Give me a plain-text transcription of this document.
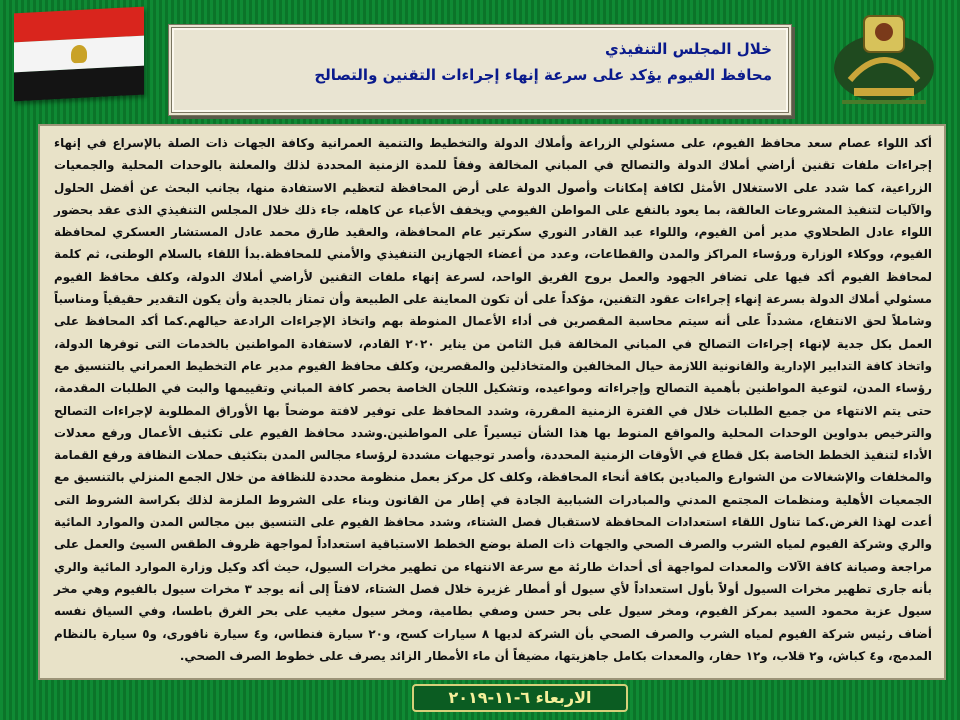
خلال المجلس التنفيذي
محافظ الفيوم يؤكد على سرعة إنهاء إجراءات التقنين والتصالح

أكد اللواء عصام سعد محافظ الفيوم، على مسئولي الزراعة وأملاك الدولة والتخطيط والتنمية العمرانية وكافة الجهات ذات الصلة بالإسراع في إنهاء إجراءات ملفات تقنين أراضي أملاك الدولة والتصالح في المباني المخالفة وفقاً للمدة الزمنية المحددة لذلك والمعلنة بالوحدات المحلية والجمعيات الزراعية، كما شدد على الاستغلال الأمثل لكافة إمكانات وأصول الدولة على أرض المحافظة لتعظيم الاستفادة منها، بجانب البحث عن أفضل الحلول والآليات لتنفيذ المشروعات العالقة، بما يعود بالنفع على المواطن الفيومي ويخفف الأعباء عن كاهله، جاء ذلك خلال المجلس التنفيذي الذى عقد بحضور اللواء عادل الطحلاوي مدير أمن الفيوم، واللواء عبد القادر النوري سكرتير عام المحافظة، والعقيد طارق محمد عادل المستشار العسكري لمحافظة الفيوم، ووكلاء الوزارة ورؤساء المراكز والمدن والقطاعات، وعدد من أعضاء الجهازين التنفيذي والأمني للمحافظة.بدأ اللقاء بالسلام الوطنى، ثم كلمة لمحافظ الفيوم أكد فيها على تضافر الجهود والعمل بروح الفريق الواحد، لسرعة إنهاء ملفات التقنين لأراضي أملاك الدولة، وكلف محافظ الفيوم مسئولي أملاك الدولة بسرعة إنهاء إجراءات عقود التقنين، مؤكداً على أن تكون المعاينة على الطبيعة وأن تمتاز بالجدية وأن يكون التقدير حقيقياً ومناسباً وشاملاً لحق الانتفاع، مشدداً على أنه سيتم محاسبة المقصرين فى أداء الأعمال المنوطة بهم واتخاذ الإجراءات الرادعة حيالهم.كما أكد المحافظ على العمل بكل جدية لإنهاء إجراءات التصالح في المباني المخالفة قبل الثامن من يناير ٢٠٢٠ القادم، لاستفادة المواطنين بالخدمات التى توفرها الدولة، واتخاذ كافة التدابير الإدارية والقانونية اللازمة حيال المخالفين والمتخاذلين والمقصرين، وكلف محافظ الفيوم مدير عام التخطيط العمراني بالتنسيق مع رؤساء المدن، لتوعية المواطنين بأهمية التصالح وإجراءاته ومواعيده، وتشكيل اللجان الخاصة بحصر كافة المباني وتقييمها والبت في الطلبات المقدمة، حتى يتم الانتهاء من جميع الطلبات خلال في الفترة الزمنية المقررة، وشدد المحافظ على توفير لافتة موضحاً بها الأوراق المطلوبة لإجراءات التصالح والترخيص بدواوين الوحدات المحلية والمواقع المنوط بها هذا الشأن تيسيراً على المواطنين.وشدد محافظ الفيوم على تكثيف الأعمال ورفع معدلات الأداء لتنفيذ الخطط الخاصة بكل قطاع في الأوقات الزمنية المحددة، وأصدر توجيهات مشددة لرؤساء مجالس المدن بتكثيف حملات النظافة ورفع القمامة والمخلفات والإشغالات من الشوارع والميادين بكافة أنحاء المحافظة، وكلف كل مركز بعمل منظومة محددة للنظافة من خلال الجمع المنزلي بالتنسيق مع الجمعيات الأهلية ومنظمات المجتمع المدني والمبادرات الشبابية الجادة في إطار من القانون وبناء على الشروط الملزمة لذلك بكراسة الشروط التى أعدت لهذا الغرض.كما تناول اللقاء استعدادات المحافظة لاستقبال فصل الشتاء، وشدد محافظ الفيوم على التنسيق بين مجالس المدن والموارد المائية والري وشركة الفيوم لمياه الشرب والصرف الصحي والجهات ذات الصلة بوضع الخطط الاستباقية استعداداً لمواجهة ظروف الطقس السيئ والعمل على مراجعة وصيانة كافة الآلات والمعدات لمواجهة أى أحداث طارئة مع سرعة الانتهاء من تطهير مخرات السيول، حيث أكد وكيل وزارة الموارد المائية والري بأنه جارى تطهير مخرات السيول أولاً بأول استعداداً لأي سيول أو أمطار غزيرة خلال فصل الشتاء، لافتاً إلى أنه يوجد ٣ مخرات سيول بالفيوم وهي مخر سيول عزبة محمود السيد بمركز الفيوم، ومخر سيول على بحر حسن وصفي بطامية، ومخر سيول مغيب على بحر الغرق باطسا، وفي السياق نفسه أضاف رئيس شركة الفيوم لمياه الشرب والصرف الصحي بأن الشركة لديها ٨ سيارات كسح، و٢٠ سيارة فنطاس، و٤ سيارة نافورى، و٥ سيارة بالنظام المدمج، و٤ كباش، و٢ قلاب، و١٢ حفار، والمعدات بكامل جاهزيتها، مضيفاً أن ماء الأمطار الزائد يصرف على خطوط الصرف الصحي.

الاربعاء ٦-١١-٢٠١٩
